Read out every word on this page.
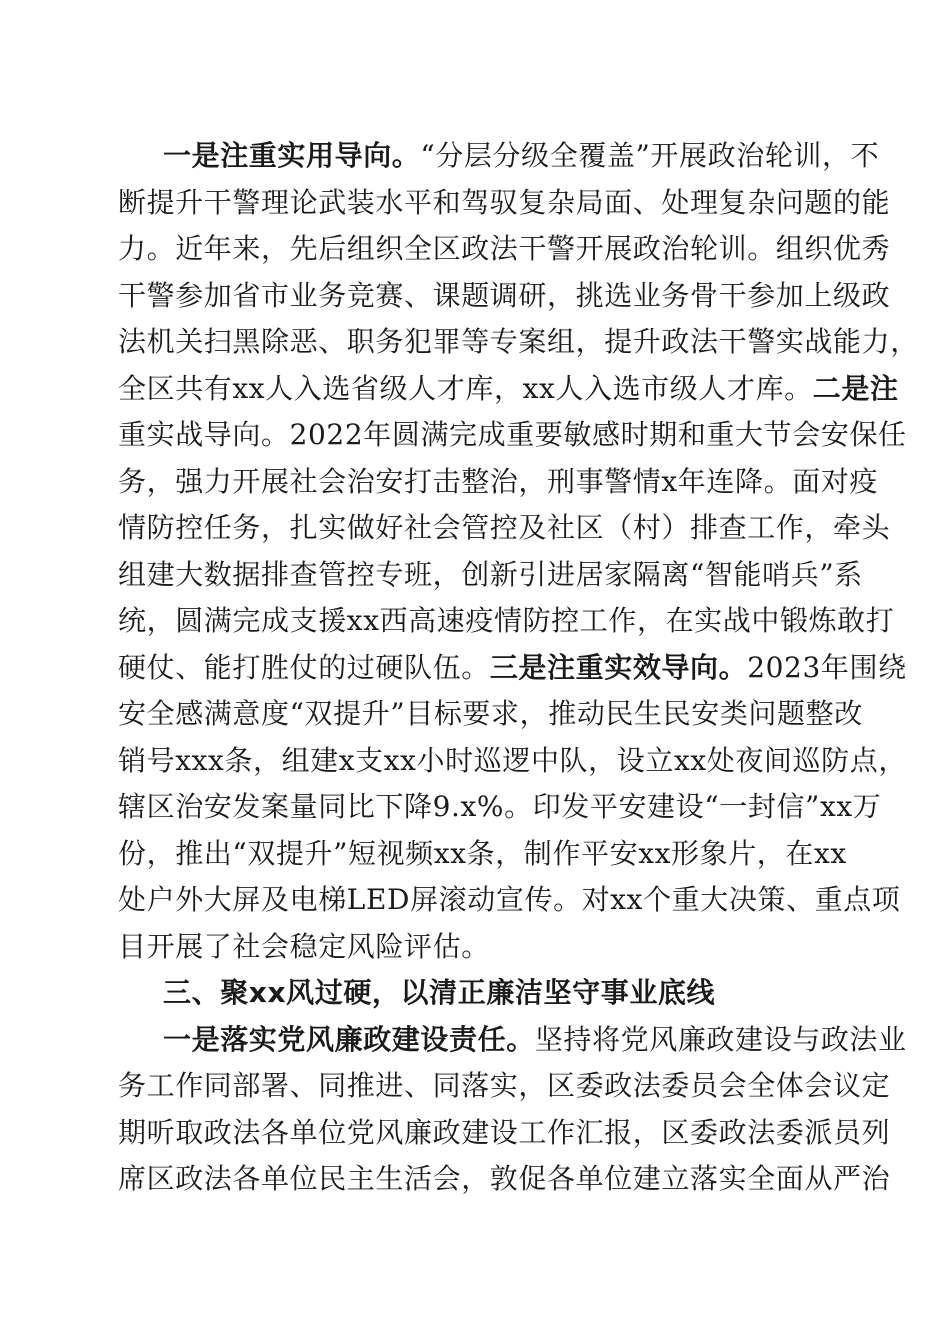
一是注重实用导向。“分层分级全覆盖”开展政治轮训，不
断提升干警理论武装水平和驾驭复杂局面、处理复杂问题的能
力。近年来，先后组织全区政法干警开展政治轮训。组织优秀
干警参加省市业务竞赛、课题调研，挑选业务骨干参加上级政
法机关扫黑除恶、职务犯罪等专案组，提升政法干警实战能力，
全区共有xx人入选省级人才库，xx人入选市级人才库。二是注
重实战导向。2022年圆满完成重要敏感时期和重大节会安保任
务，强力开展社会治安打击整治，刑事警情x年连降。面对疫
情防控任务，扎实做好社会管控及社区（村）排查工作，牵头
组建大数据排查管控专班，创新引进居家隔离“智能哨兵”系
统，圆满完成支援xx西高速疫情防控工作，在实战中锻炼敢打
硬仗、能打胜仗的过硬队伍。三是注重实效导向。2023年围绕
安全感满意度“双提升”目标要求，推动民生民安类问题整改
销号xxx条，组建x支xx小时巡逻中队，设立xx处夜间巡防点，
辖区治安发案量同比下降9.x%。印发平安建设“一封信”xx万
份，推出“双提升”短视频xx条，制作平安xx形象片，在xx
处户外大屏及电梯LED屏滚动宣传。对xx个重大决策、重点项
目开展了社会稳定风险评估。
三、聚xx风过硬，以清正廉洁坚守事业底线
一是落实党风廉政建设责任。坚持将党风廉政建设与政法业
务工作同部署、同推进、同落实，区委政法委员会全体会议定
期听取政法各单位党风廉政建设工作汇报，区委政法委派员列
席区政法各单位民主生活会，敦促各单位建立落实全面从严治
